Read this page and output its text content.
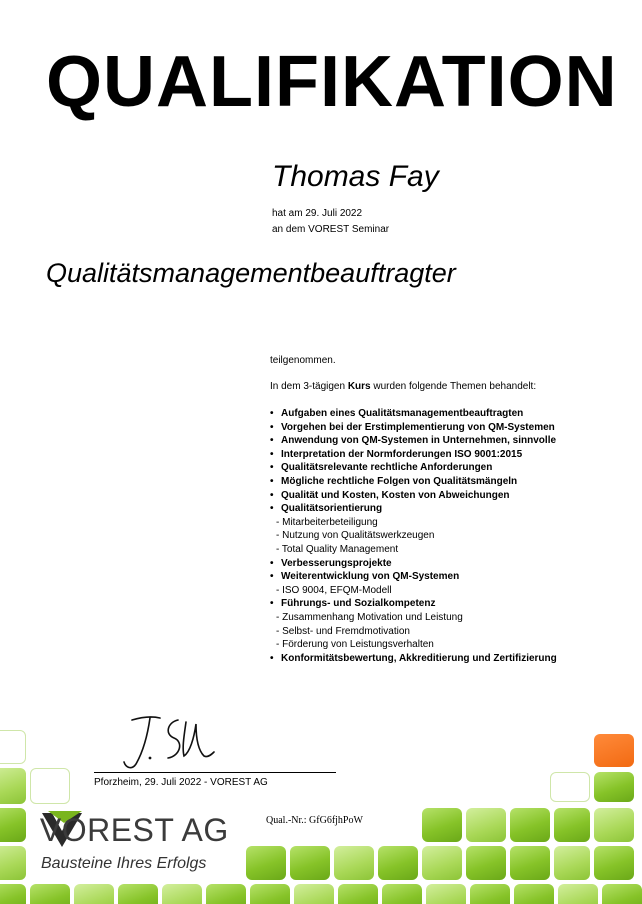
QUALIFIKATION
Thomas Fay
hat am 29. Juli 2022
an dem VOREST Seminar
Qualitätsmanagementbeauftragter
teilgenommen.
In dem 3-tägigen Kurs wurden folgende Themen behandelt:
• Aufgaben eines Qualitätsmanagementbeauftragten
• Vorgehen bei der Erstimplementierung von QM-Systemen
• Anwendung von QM-Systemen in Unternehmen, sinnvolle
• Interpretation der Normforderungen ISO 9001:2015
• Qualitätsrelevante rechtliche Anforderungen
• Mögliche rechtliche Folgen von Qualitätsmängeln
• Qualität und Kosten, Kosten von Abweichungen
• Qualitätsorientierung
- Mitarbeiterbeteiligung
- Nutzung von Qualitätswerkzeugen
- Total Quality Management
• Verbesserungsprojekte
• Weiterentwicklung von QM-Systemen
- ISO 9004, EFQM-Modell
• Führungs- und Sozialkompetenz
- Zusammenhang Motivation und Leistung
- Selbst- und Fremdmotivation
- Förderung von Leistungsverhalten
• Konformitätsbewertung, Akkreditierung und Zertifizierung
Pforzheim, 29. Juli 2022 - VOREST AG
Qual.-Nr.: GfG6fjhPoW
VOREST AG
Bausteine Ihres Erfolgs
